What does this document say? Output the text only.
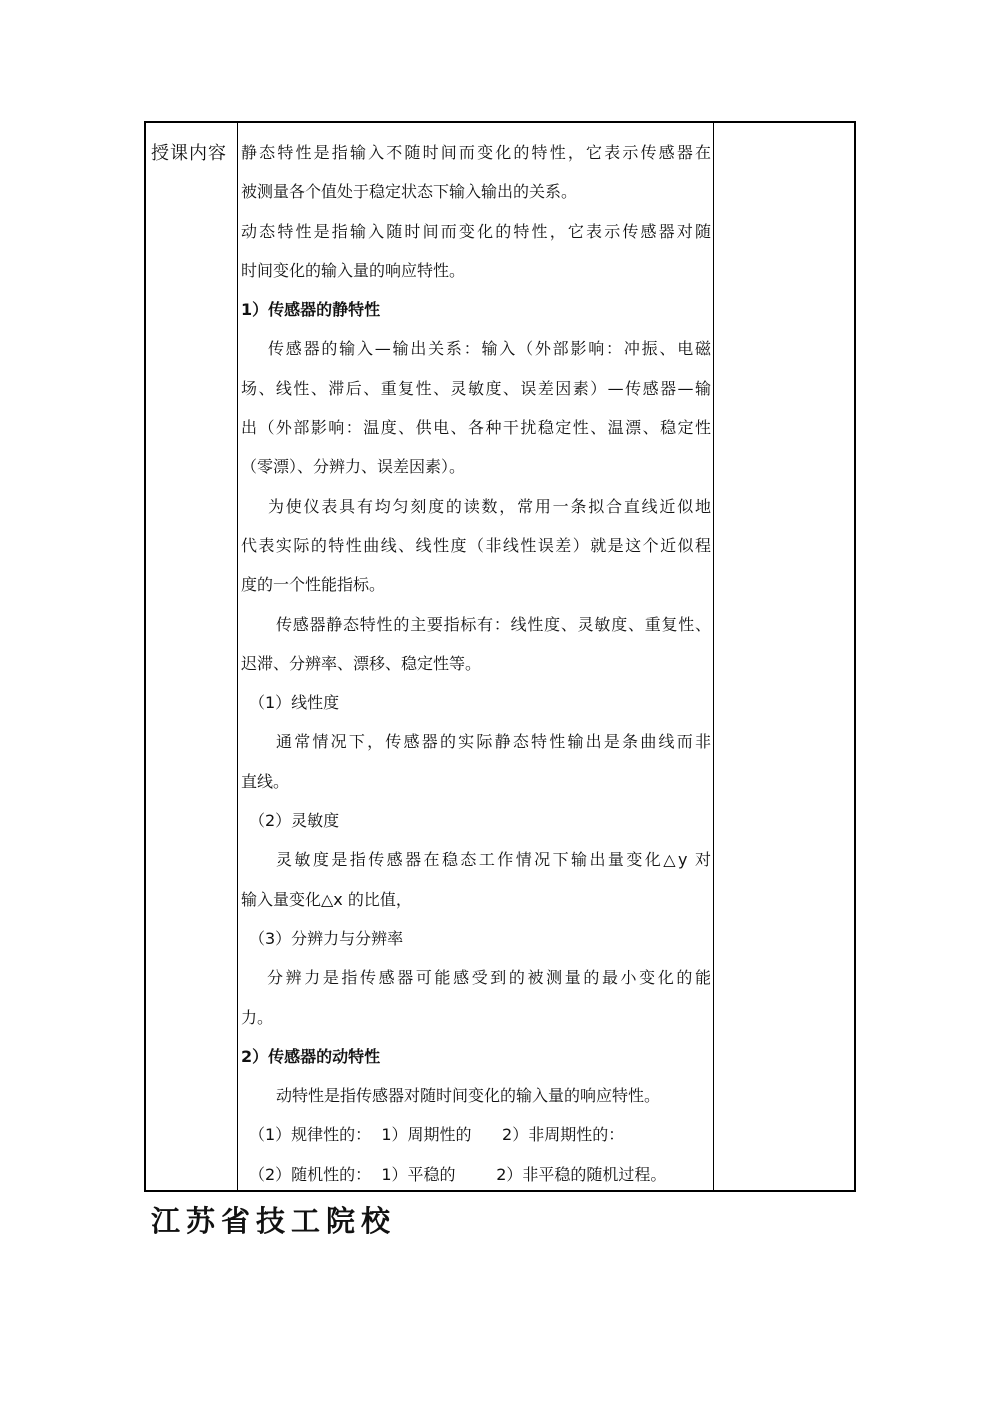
授课内容 静态特性是指输入不随时间而变化的特性，它表示传感器在
被测量各个值处于稳定状态下输入输出的关系。
动态特性是指输入随时间而变化的特性，它表示传感器对随
时间变化的输入量的响应特性。
1）传感器的静特性
传感器的输入—输出关系：输入（外部影响：冲振、电磁
场、线性、滞后、重复性、灵敏度、误差因素）—传感器—输
出（外部影响：温度、供电、各种干扰稳定性、温漂、稳定性
（零漂）、分辨力、误差因素）。
为使仪表具有均匀刻度的读数，常用一条拟合直线近似地
代表实际的特性曲线、线性度（非线性误差）就是这个近似程
度的一个性能指标。
传感器静态特性的主要指标有：线性度、灵敏度、重复性、
迟滞、分辨率、漂移、稳定性等。
（1）线性度
通常情况下，传感器的实际静态特性输出是条曲线而非
直线。
（2）灵敏度
灵敏度是指传感器在稳态工作情况下输出量变化△y 对
输入量变化△x 的比值，
（3）分辨力与分辨率
分辨力是指传感器可能感受到的被测量的最小变化的能
力。
2）传感器的动特性
动特性是指传感器对随时间变化的输入量的响应特性。
（1）规律性的：  1）周期性的      2）非周期性的：
（2）随机性的：  1）平稳的        2）非平稳的随机过程。
江苏省技工院校
